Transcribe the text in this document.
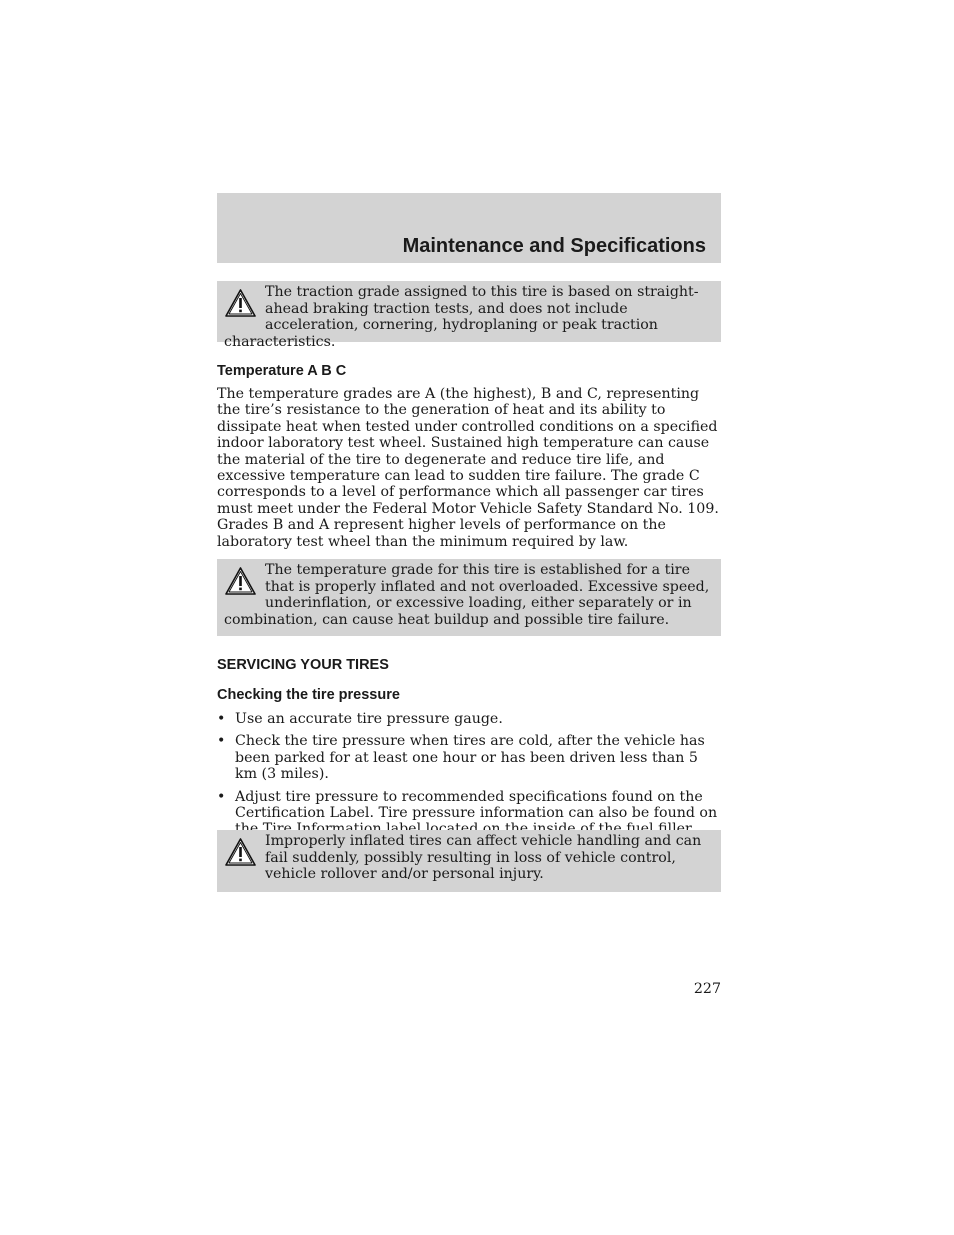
Maintenance and Specifications
The traction grade assigned to this tire is based on straight-ahead braking traction tests, and does not include acceleration, cornering, hydroplaning or peak traction characteristics.
Temperature A B C
The temperature grades are A (the highest), B and C, representing the tire’s resistance to the generation of heat and its ability to dissipate heat when tested under controlled conditions on a specified indoor laboratory test wheel. Sustained high temperature can cause the material of the tire to degenerate and reduce tire life, and excessive temperature can lead to sudden tire failure. The grade C corresponds to a level of performance which all passenger car tires must meet under the Federal Motor Vehicle Safety Standard No. 109. Grades B and A represent higher levels of performance on the laboratory test wheel than the minimum required by law.
The temperature grade for this tire is established for a tire that is properly inflated and not overloaded. Excessive speed, underinflation, or excessive loading, either separately or in combination, can cause heat buildup and possible tire failure.
SERVICING YOUR TIRES
Checking the tire pressure
• Use an accurate tire pressure gauge.
• Check the tire pressure when tires are cold, after the vehicle has been parked for at least one hour or has been driven less than 5 km (3 miles).
• Adjust tire pressure to recommended specifications found on the Certification Label. Tire pressure information can also be found on
Improperly inflated tires can affect vehicle handling and can fail suddenly, possibly resulting in loss of vehicle control, vehicle rollover and/or personal injury.
227
